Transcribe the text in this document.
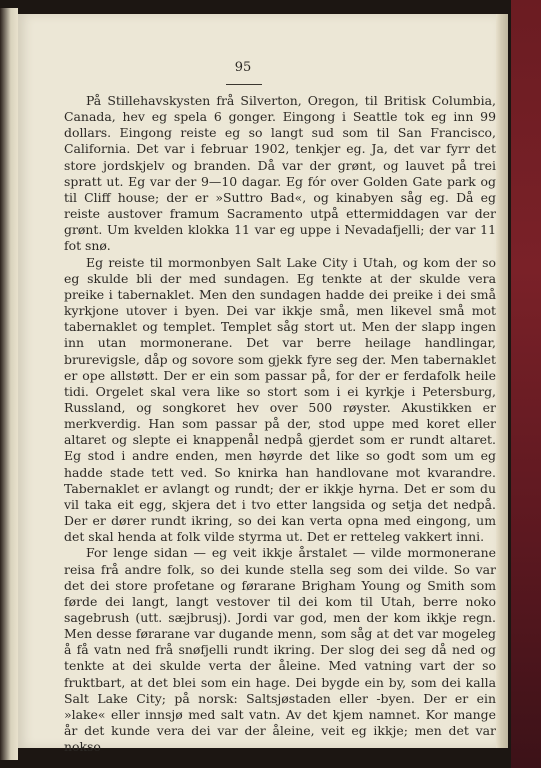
95

På Stillehavskysten frå Silverton, Oregon, til Britisk Columbia, Canada, hev eg spela 6 gonger. Eingong i Seattle tok eg inn 99 dollars. Eingong reiste eg so langt sud som til San Francisco, California. Det var i februar 1902, tenkjer eg. Ja, det var fyrr det store jordskjelv og branden. Då var der grønt, og lauvet på trei spratt ut. Eg var der 9—10 dagar. Eg fór over Golden Gate park og til Cliff house; der er »Suttro Bad«, og kinabyen såg eg. Då eg reiste austover framum Sacramento utpå ettermiddagen var der grønt. Um kvelden klokka 11 var eg uppe i Nevadafjelli; der var 11 fot snø.

Eg reiste til mormonbyen Salt Lake City i Utah, og kom der so eg skulde bli der med sundagen. Eg tenkte at der skulde vera preike i tabernaklet. Men den sundagen hadde dei preike i dei små kyrkjone utover i byen. Dei var ikkje små, men likevel små mot tabernaklet og templet. Templet såg stort ut. Men der slapp ingen inn utan mormonerane. Det var berre heilage handlingar, brurevigsle, dåp og sovore som gjekk fyre seg der. Men tabernaklet er ope allstøtt. Der er ein som passar på, for der er ferdafolk heile tidi. Orgelet skal vera like so stort som i ei kyrkje i Petersburg, Russland, og songkoret hev over 500 røyster. Akustikken er merkverdig. Han som passar på der, stod uppe med koret eller altaret og slepte ei knappenål nedpå gjerdet som er rundt altaret. Eg stod i andre enden, men høyrde det like so godt som um eg hadde stade tett ved. So knirka han handlovane mot kvarandre. Tabernaklet er avlangt og rundt; der er ikkje hyrna. Det er som du vil taka eit egg, skjera det i tvo etter langsida og setja det nedpå. Der er dører rundt ikring, so dei kan verta opna med eingong, um det skal henda at folk vilde styrma ut. Det er retteleg vakkert inni.

For lenge sidan — eg veit ikkje årstalet — vilde mormonerane reisa frå andre folk, so dei kunde stella seg som dei vilde. So var det dei store profetane og førarane Brigham Young og Smith som førde dei langt, langt vestover til dei kom til Utah, berre noko sagebrush (utt. sæjbrusj). Jordi var god, men der kom ikkje regn. Men desse førarane var dugande menn, som såg at det var mogeleg å få vatn ned frå snøfjelli rundt ikring. Der slog dei seg då ned og tenkte at dei skulde verta der åleine. Med vatning vart der so fruktbart, at det blei som ein hage. Dei bygde ein by, som dei kalla Salt Lake City; på norsk: Saltsjøstaden eller -byen. Der er ein »lake« eller innsjø med salt vatn. Av det kjem namnet. Kor mange år det kunde vera dei var der åleine, veit eg ikkje; men det var nokso
